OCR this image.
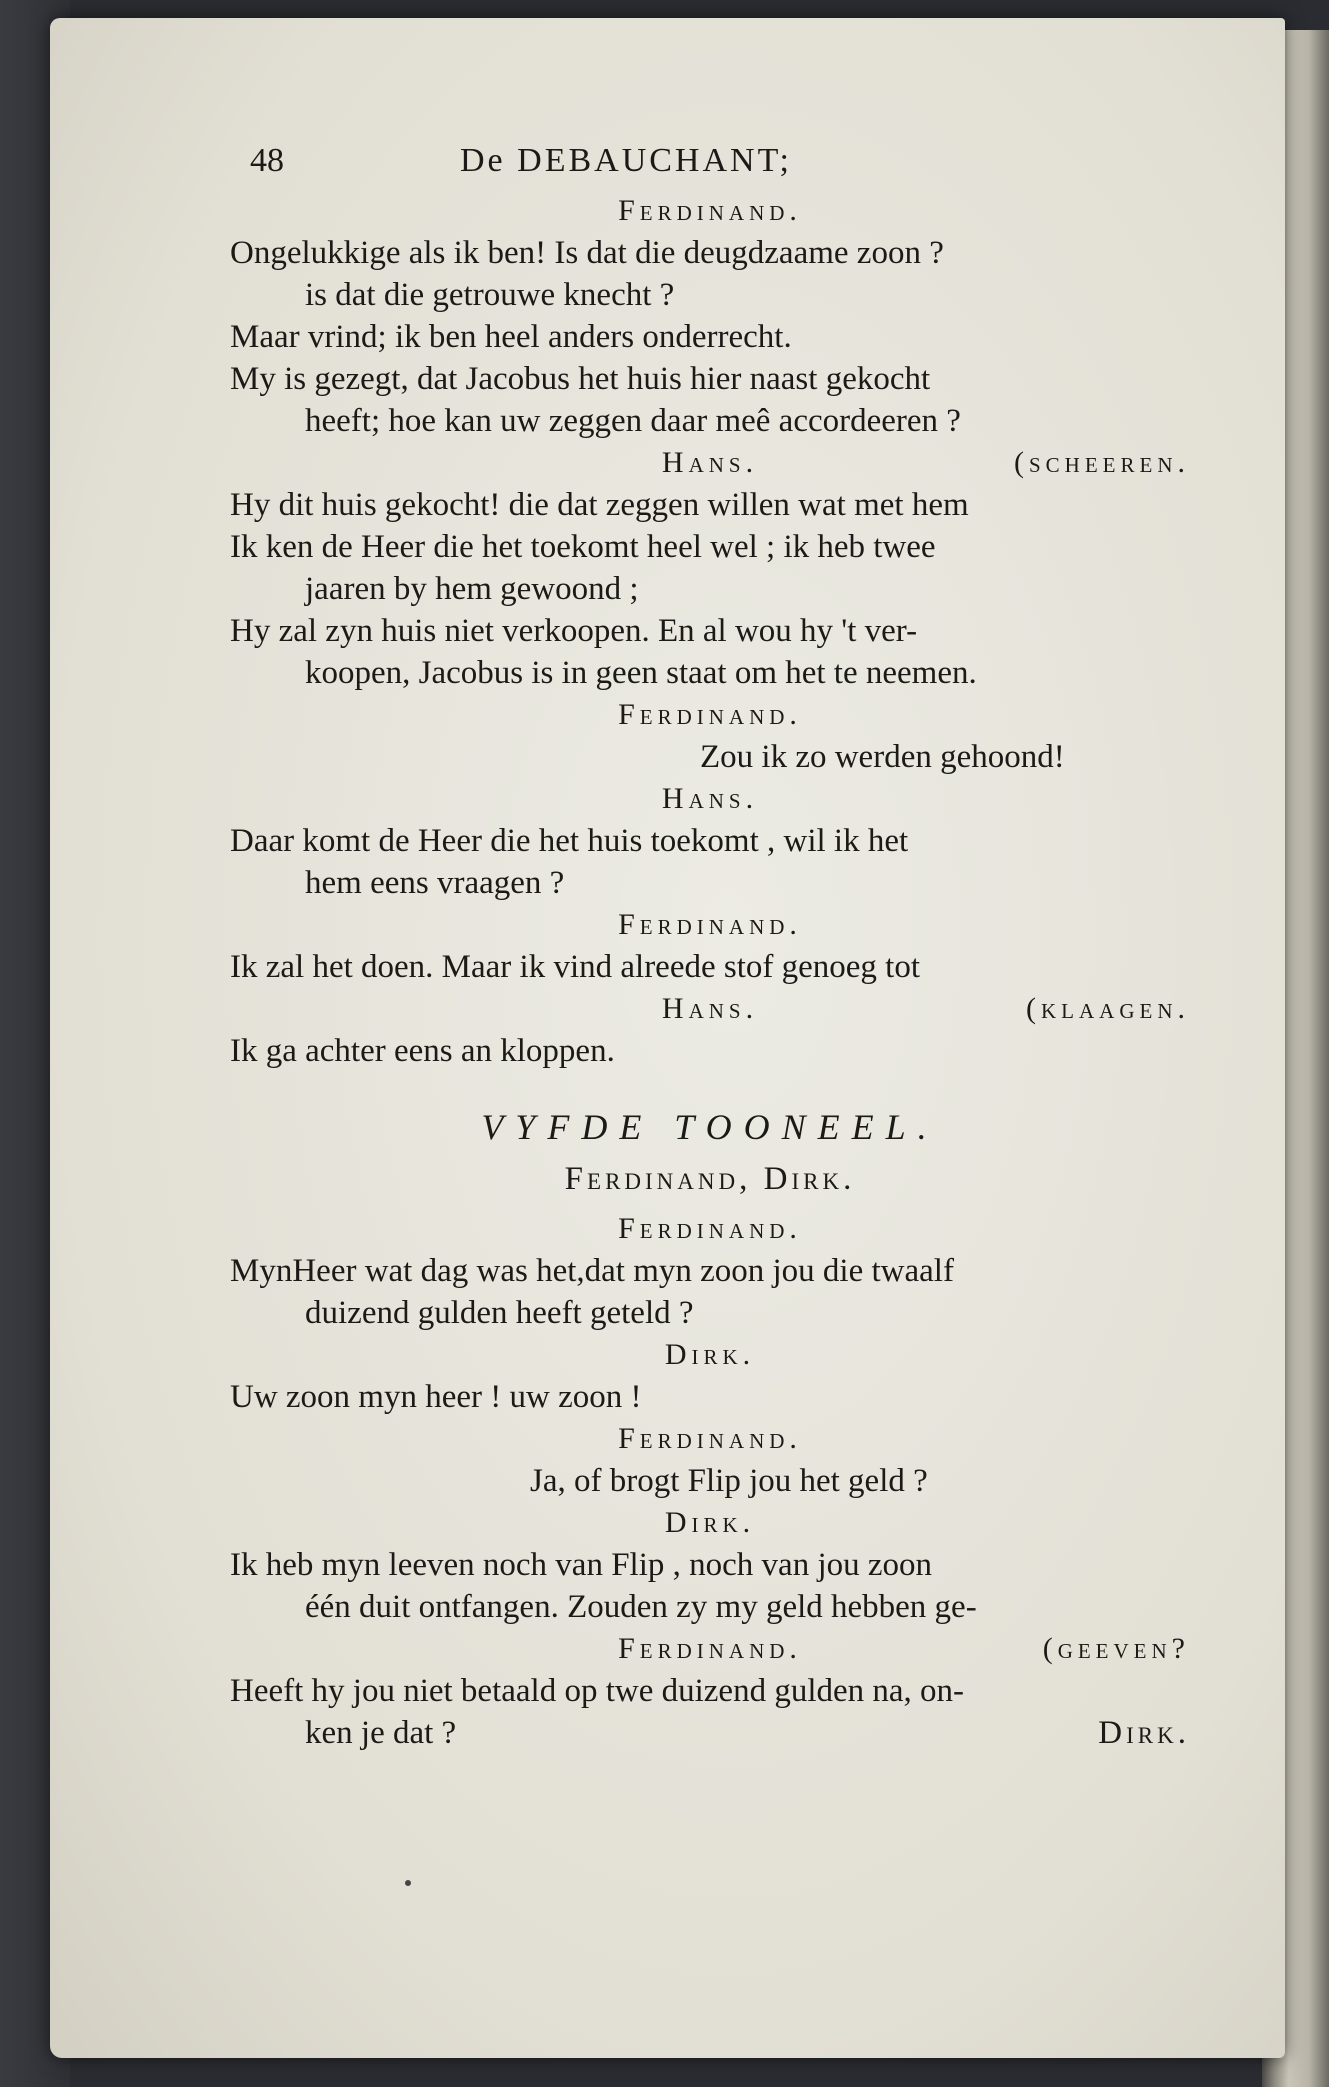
48	De DEBAUCHANT;
Ferdinand.
Ongelukkige als ik ben! Is dat die deugdzaame zoon ?
is dat die getrouwe knecht ?
Maar vrind; ik ben heel anders onderrecht.
My is gezegt, dat Jacobus het huis hier naast gekocht
heeft; hoe kan uw zeggen daar meê accordeeren ?
Hans.	(scheeren.
Hy dit huis gekocht! die dat zeggen willen wat met hem
Ik ken de Heer die het toekomt heel wel ; ik heb twee
jaaren by hem gewoond ;
Hy zal zyn huis niet verkoopen. En al wou hy 't ver-
koopen, Jacobus is in geen staat om het te neemen.
Ferdinand.
Zou ik zo werden gehoond!
Hans.
Daar komt de Heer die het huis toekomt , wil ik het
hem eens vraagen ?
Ferdinand.
Ik zal het doen. Maar ik vind alreede stof genoeg tot
Hans.	(klaagen.
Ik ga achter eens an kloppen.
VYFDE TOONEEL.
Ferdinand, Dirk.
Ferdinand.
MynHeer wat dag was het,dat myn zoon jou die twaalf
duizend gulden heeft geteld ?
Dirk.
Uw zoon myn heer ! uw zoon !
Ferdinand.
Ja, of brogt Flip jou het geld ?
Dirk.
Ik heb myn leeven noch van Flip , noch van jou zoon
één duit ontfangen. Zouden zy my geld hebben ge-
Ferdinand.	(geeven?
Heeft hy jou niet betaald op twe duizend gulden na, on-
ken je dat ?	Dirk.
